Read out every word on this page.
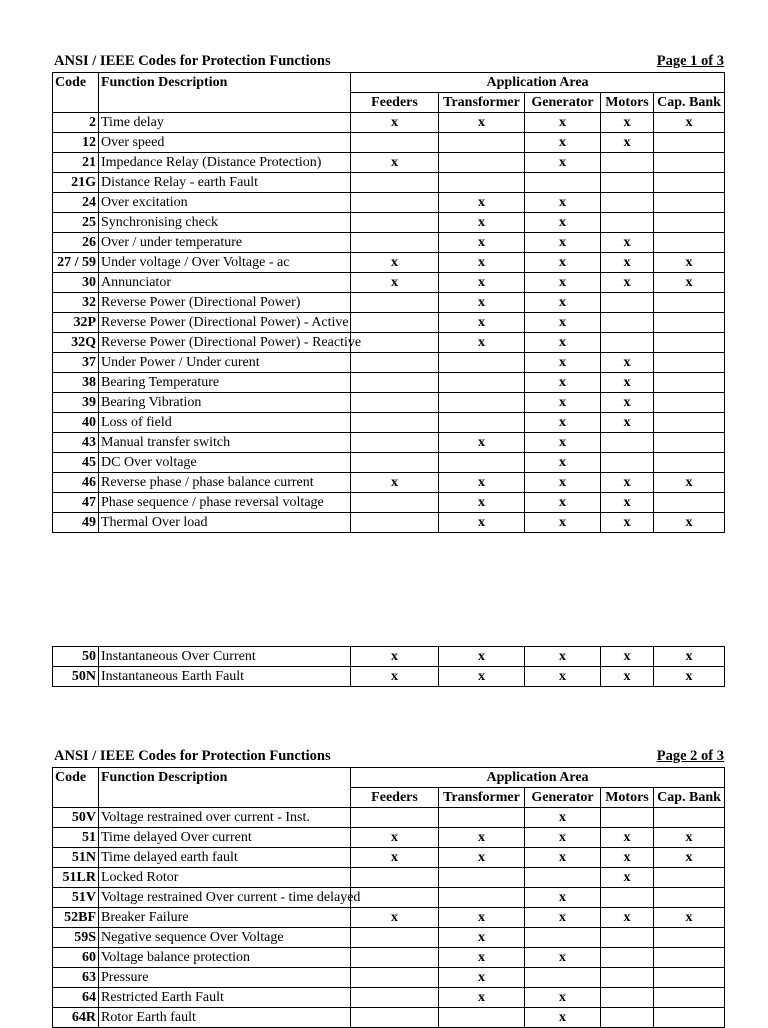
ANSI / IEEE Codes for Protection Functions	Page 1 of 3
Code	Function Description	Application Area				
		Feeders	Transformer	Generator	Motors	Cap. Bank
2	Time delay	x	x	x	x	x
12	Over speed			x	x	
21	Impedance Relay (Distance Protection)	x		x		
21G	Distance Relay - earth Fault					
24	Over excitation		x	x		
25	Synchronising check		x	x		
26	Over / under temperature		x	x	x	
27 / 59	Under voltage / Over Voltage - ac	x	x	x	x	x
30	Annunciator	x	x	x	x	x
32	Reverse Power (Directional Power)		x	x		
32P	Reverse Power (Directional Power) - Active		x	x		
32Q	Reverse Power (Directional Power) - Reactive		x	x		
37	Under Power / Under curent			x	x	
38	Bearing Temperature			x	x	
39	Bearing Vibration			x	x	
40	Loss of field			x	x	
43	Manual transfer switch		x	x		
45	DC Over voltage			x		
46	Reverse phase / phase balance current	x	x	x	x	x
47	Phase sequence / phase reversal voltage		x	x	x	
49	Thermal Over load		x	x	x	x
50	Instantaneous Over Current	x	x	x	x	x
50N	Instantaneous Earth Fault	x	x	x	x	x
ANSI / IEEE Codes for Protection Functions	Page 2 of 3
Code	Function Description	Application Area				
		Feeders	Transformer	Generator	Motors	Cap. Bank
50V	Voltage restrained over current - Inst.			x		
51	Time delayed Over current	x	x	x	x	x
51N	Time delayed earth fault	x	x	x	x	x
51LR	Locked Rotor				x	
51V	Voltage restrained Over current - time delayed			x		
52BF	Breaker Failure	x	x	x	x	x
59S	Negative sequence Over Voltage		x			
60	Voltage balance protection		x	x		
63	Pressure		x			
64	Restricted Earth Fault		x	x		
64R	Rotor Earth fault			x		
